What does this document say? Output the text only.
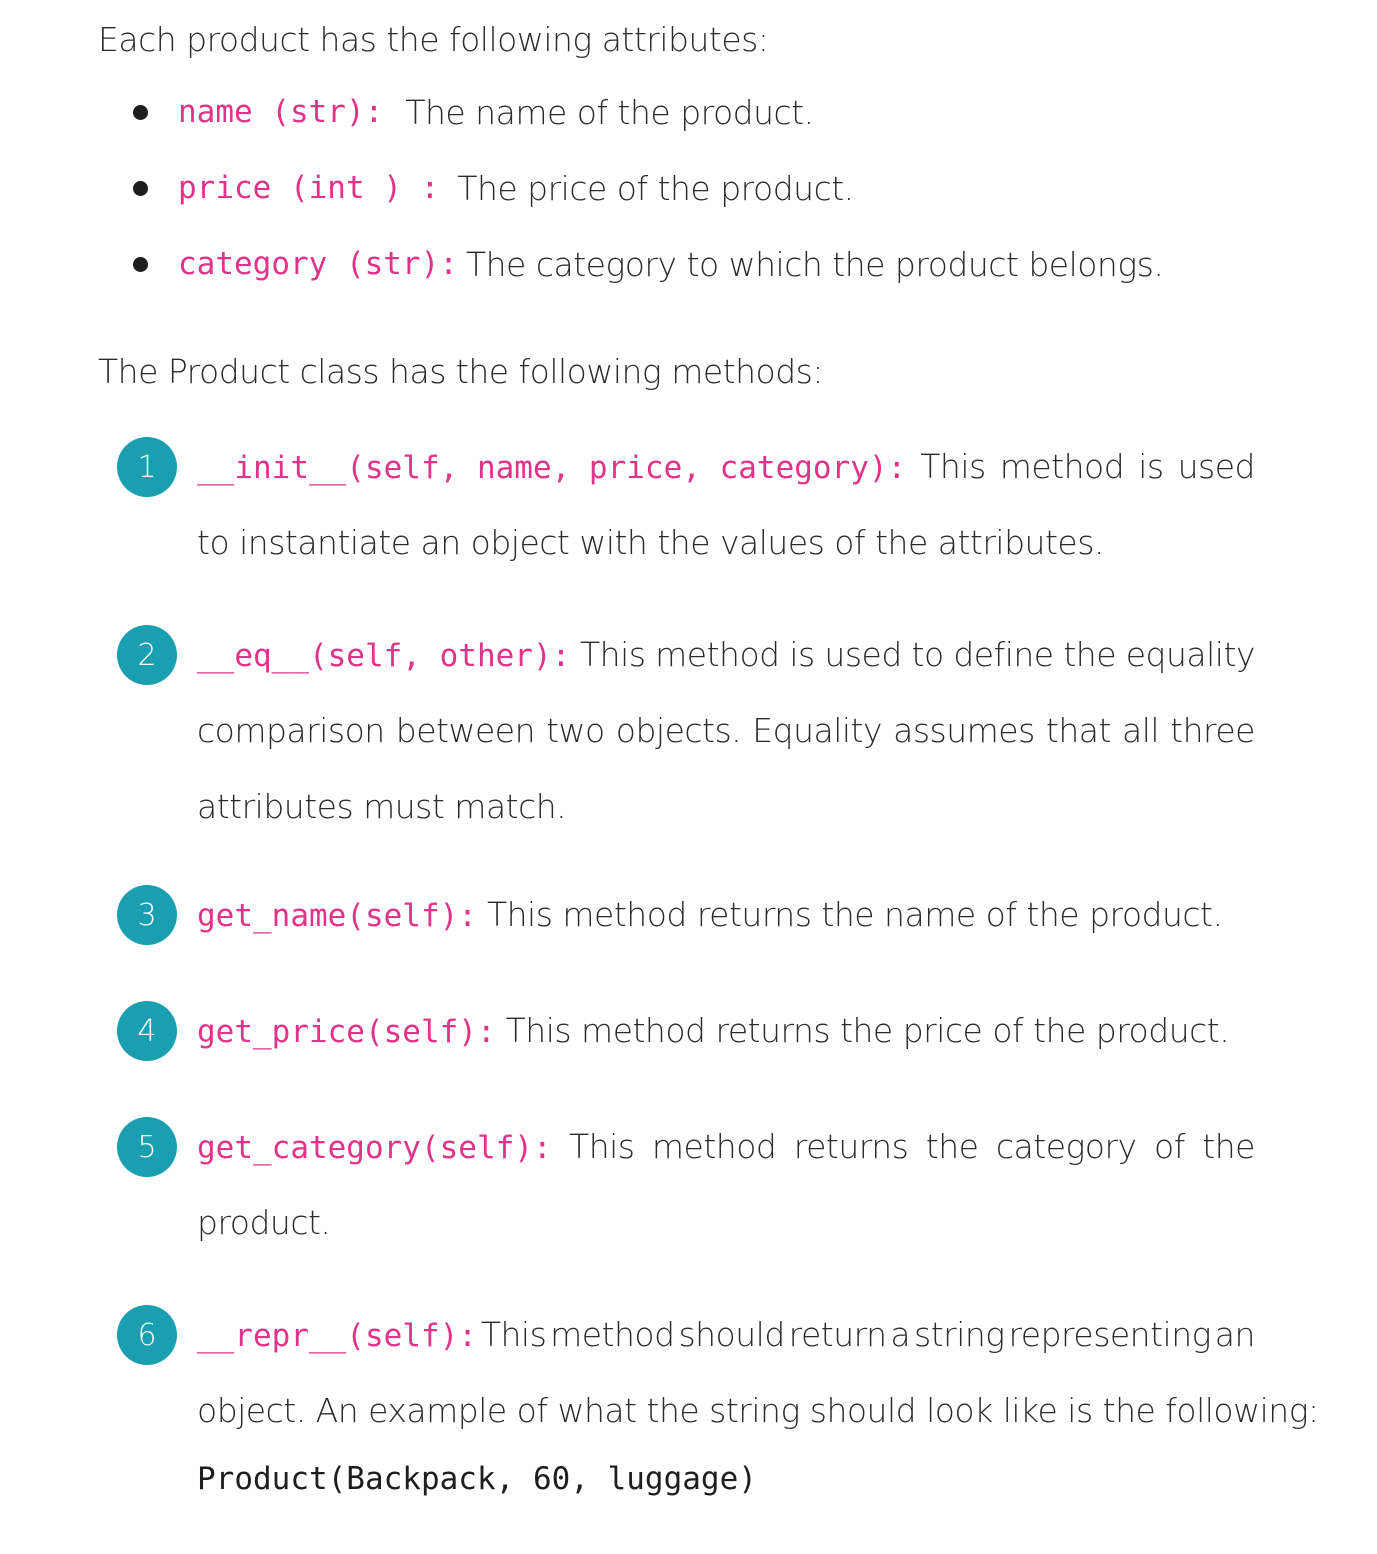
Each product has the following attributes:
name (str): The name of the product.
price (int ) : The price of the product.
category (str): The category to which the product belongs.
The Product class has the following methods:
1	__init__(self, name, price, category): This method is used
to instantiate an object with the values of the attributes.
2	__eq__(self, other): This method is used to define the equality
comparison between two objects. Equality assumes that all three
attributes must match.
3	get_name(self): This method returns the name of the product.
4	get_price(self): This method returns the price of the product.
5	get_category(self): This method returns the category of the
product.
6	__repr__(self): This method should return a string representing an
object. An example of what the string should look like is the following:
Product(Backpack, 60, luggage)
